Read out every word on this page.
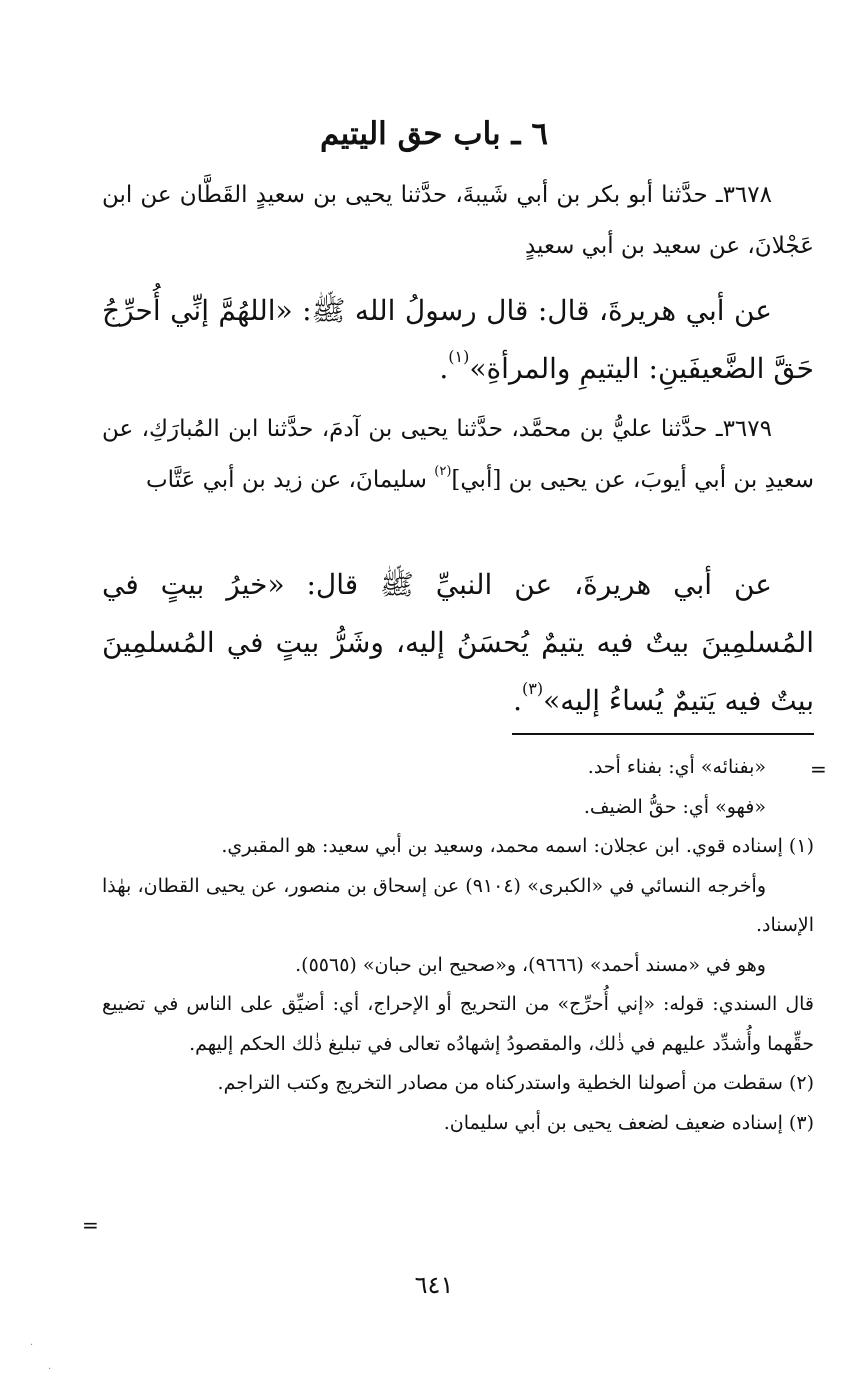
٦ ـ باب حق اليتيم

٣٦٧٨ـ حدَّثنا أبو بكر بن أبي شَيبةَ، حدَّثنا يحيى بن سعيدٍ القَطَّان عن ابن عَجْلانَ، عن سعيد بن أبي سعيدٍ

عن أبي هريرةَ، قال: قال رسولُ الله ﷺ: «اللهُمَّ إنِّي أُحرِّجُ حَقَّ الضَّعيفَينِ: اليتيمِ والمرأةِ»$^{(١)}$.

٣٦٧٩ـ حدَّثنا عليُّ بن محمَّد، حدَّثنا يحيى بن آدمَ، حدَّثنا ابن المُبارَكِ، عن سعيدِ بن أبي أيوبَ، عن يحيى بن [أبي]$^{(٢)}$ سليمانَ، عن زيد بن أبي عَتَّاب

عن أبي هريرةَ، عن النبيِّ ﷺ قال: «خيرُ بيتٍ في المُسلمِينَ بيتٌ فيه يتيمٌ يُحسَنُ إليه، وشَرُّ بيتٍ في المُسلمِينَ بيتٌ فيه يَتيمٌ يُساءُ إليه»$^{(٣)}$.

=

«بفنائه» أي: بفناء أحد.

«فهو» أي: حقُّ الضيف.

(١) إسناده قوي. ابن عجلان: اسمه محمد، وسعيد بن أبي سعيد: هو المقبري.

وأخرجه النسائي في «الكبرى» (٩١٠٤) عن إسحاق بن منصور، عن يحيى القطان، بهٰذا الإسناد.

وهو في «مسند أحمد» (٩٦٦٦)، و«صحيح ابن حبان» (٥٥٦٥).

قال السندي: قوله: «إني أُحرِّج» من التحريج أو الإحراج، أي: أضيِّق على الناس في تضييع حقِّهما وأُشدِّد عليهم في ذٰلك، والمقصودُ إشهادُه تعالى في تبليغ ذٰلك الحكم إليهم.

(٢) سقطت من أصولنا الخطية واستدركناه من مصادر التخريج وكتب التراجم.

(٣) إسناده ضعيف لضعف يحيى بن أبي سليمان.

=
٦٤١
·
·
